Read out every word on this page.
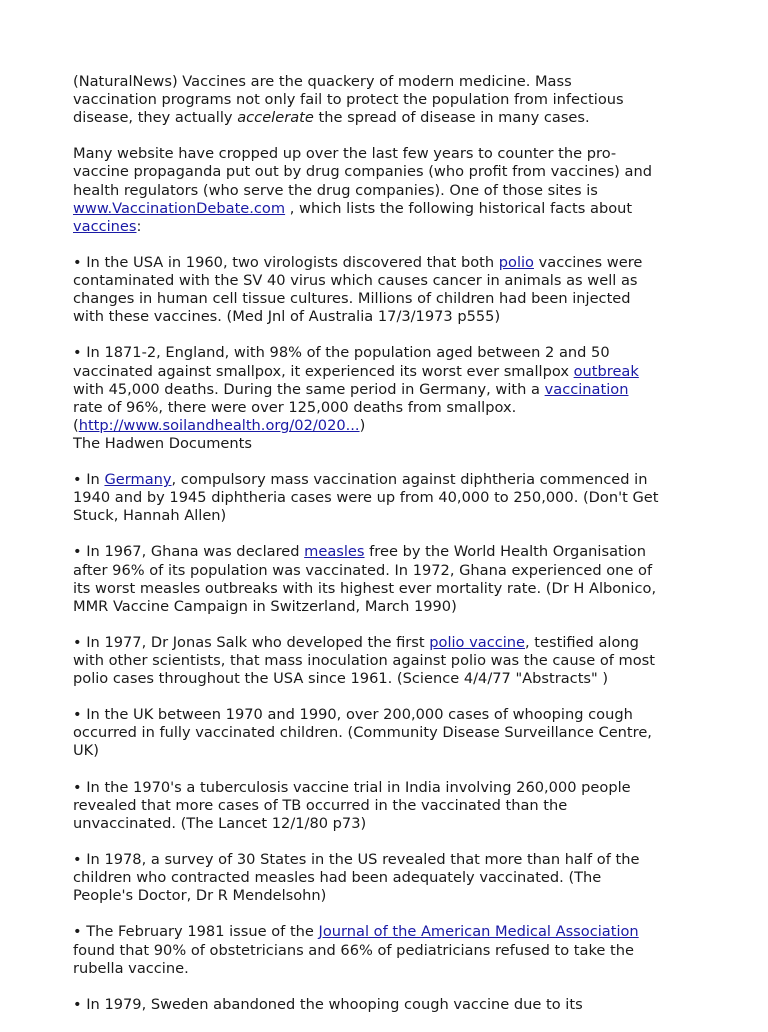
(NaturalNews) Vaccines are the quackery of modern medicine. Mass
vaccination programs not only fail to protect the population from infectious
disease, they actually accelerate the spread of disease in many cases.

Many website have cropped up over the last few years to counter the pro-
vaccine propaganda put out by drug companies (who profit from vaccines) and
health regulators (who serve the drug companies). One of those sites is
www.VaccinationDebate.com , which lists the following historical facts about
vaccines:

• In the USA in 1960, two virologists discovered that both polio vaccines were
contaminated with the SV 40 virus which causes cancer in animals as well as
changes in human cell tissue cultures. Millions of children had been injected
with these vaccines. (Med Jnl of Australia 17/3/1973 p555)

• In 1871-2, England, with 98% of the population aged between 2 and 50
vaccinated against smallpox, it experienced its worst ever smallpox outbreak
with 45,000 deaths. During the same period in Germany, with a vaccination
rate of 96%, there were over 125,000 deaths from smallpox.
(http://www.soilandhealth.org/02/020...)
The Hadwen Documents

• In Germany, compulsory mass vaccination against diphtheria commenced in
1940 and by 1945 diphtheria cases were up from 40,000 to 250,000. (Don't Get
Stuck, Hannah Allen)

• In 1967, Ghana was declared measles free by the World Health Organisation
after 96% of its population was vaccinated. In 1972, Ghana experienced one of
its worst measles outbreaks with its highest ever mortality rate. (Dr H Albonico,
MMR Vaccine Campaign in Switzerland, March 1990)

• In 1977, Dr Jonas Salk who developed the first polio vaccine, testified along
with other scientists, that mass inoculation against polio was the cause of most
polio cases throughout the USA since 1961. (Science 4/4/77 "Abstracts" )

• In the UK between 1970 and 1990, over 200,000 cases of whooping cough
occurred in fully vaccinated children. (Community Disease Surveillance Centre,
UK)

• In the 1970's a tuberculosis vaccine trial in India involving 260,000 people
revealed that more cases of TB occurred in the vaccinated than the
unvaccinated. (The Lancet 12/1/80 p73)

• In 1978, a survey of 30 States in the US revealed that more than half of the
children who contracted measles had been adequately vaccinated. (The
People's Doctor, Dr R Mendelsohn)

• The February 1981 issue of the Journal of the American Medical Association
found that 90% of obstetricians and 66% of pediatricians refused to take the
rubella vaccine.

• In 1979, Sweden abandoned the whooping cough vaccine due to its
